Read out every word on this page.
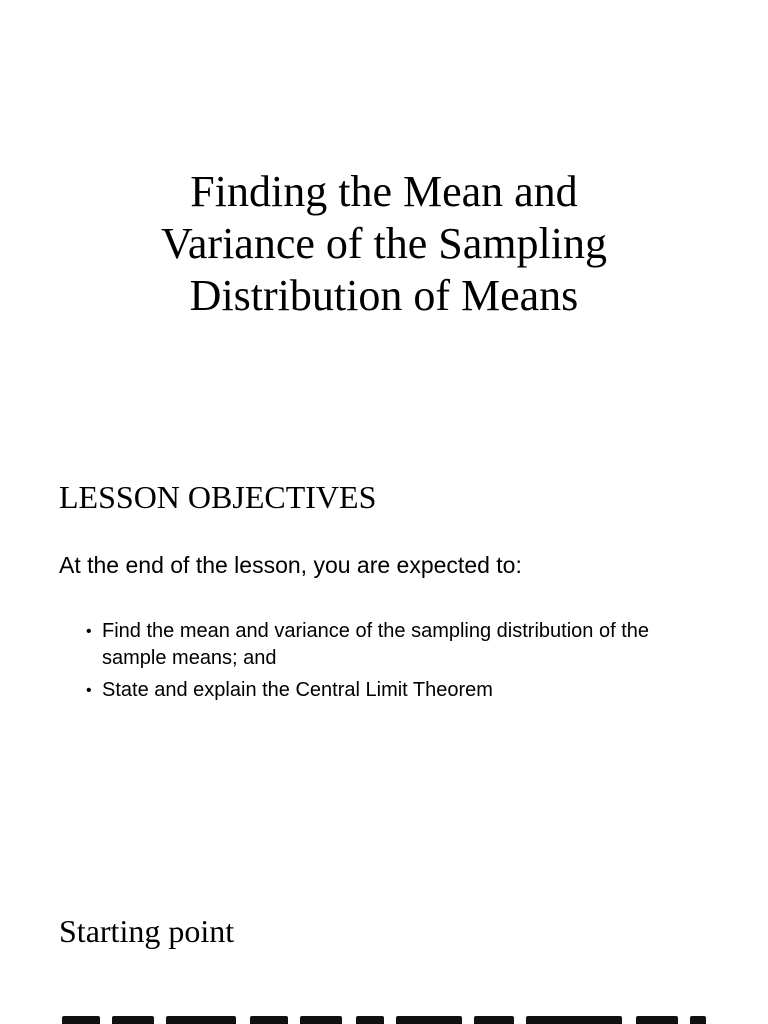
Finding the Mean and
Variance of the Sampling
Distribution of Means
LESSON OBJECTIVES

At the end of the lesson, you are expected to:

• Find the mean and variance of the sampling distribution of the sample means; and
• State and explain the Central Limit Theorem
Starting point
